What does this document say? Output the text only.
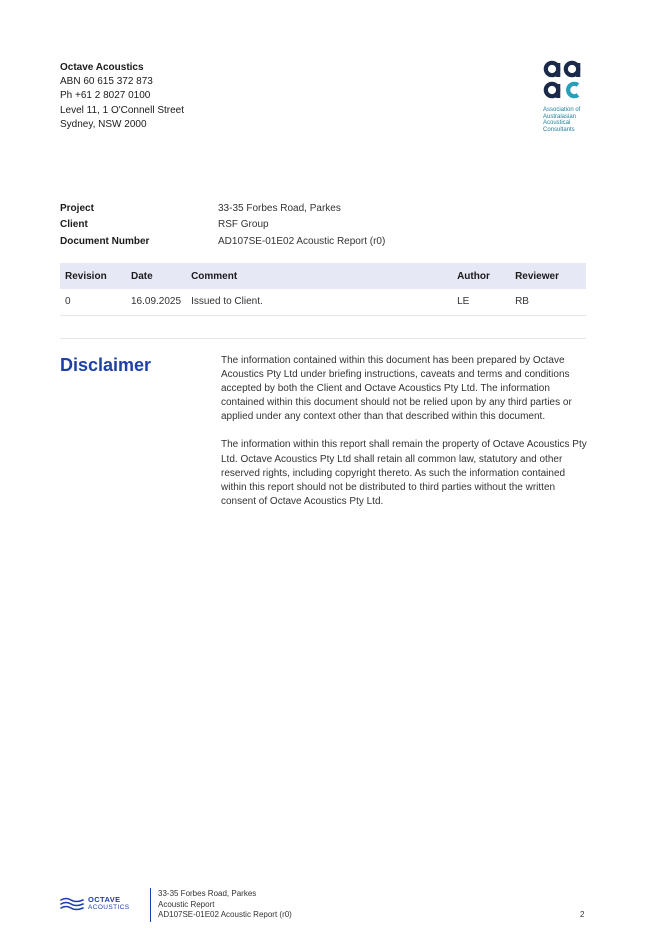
Octave Acoustics
ABN 60 615 372 873
Ph +61 2 8027 0100
Level 11, 1 O'Connell Street
Sydney, NSW 2000
Association of
Australasian
Acoustical
Consultants
Project	33-35 Forbes Road, Parkes
Client	RSF Group
Document Number	AD107SE-01E02 Acoustic Report (r0)
Revision	Date	Comment	Author	Reviewer
0	16.09.2025	Issued to Client.	LE	RB
Disclaimer	The information contained within this document has been prepared by Octave Acoustics Pty Ltd under briefing instructions, caveats and terms and conditions accepted by both the Client and Octave Acoustics Pty Ltd. The information contained within this document should not be relied upon by any third parties or applied under any context other than that described within this document.

The information within this report shall remain the property of Octave Acoustics Pty Ltd. Octave Acoustics Pty Ltd shall retain all common law, statutory and other reserved rights, including copyright thereto. As such the information contained within this report should not be distributed to third parties without the written consent of Octave Acoustics Pty Ltd.

OCTAVE
ACOUSTICS
33-35 Forbes Road, Parkes
Acoustic Report
AD107SE-01E02 Acoustic Report (r0)	2
